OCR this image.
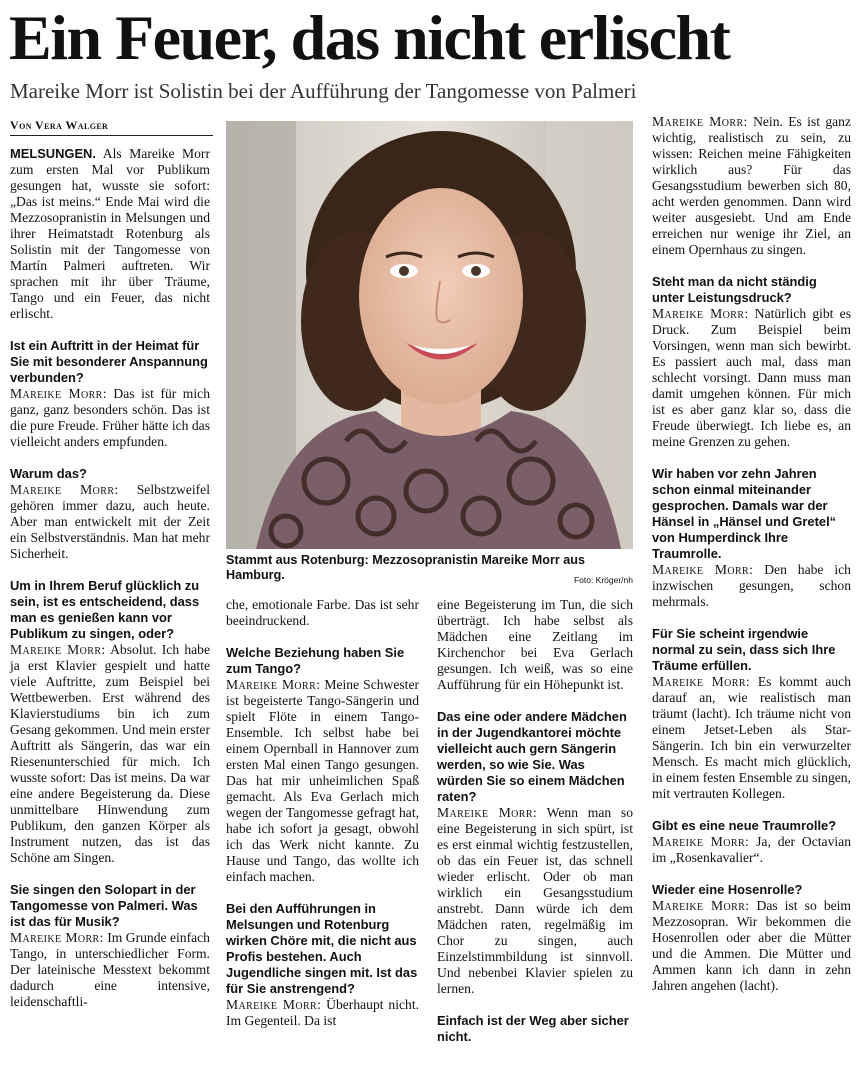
Ein Feuer, das nicht erlischt
Mareike Morr ist Solistin bei der Aufführung der Tangomesse von Palmeri
Von Vera Walger

MELSUNGEN. Als Mareike Morr zum ersten Mal vor Publikum gesungen hat, wusste sie sofort: „Das ist meins.“ Ende Mai wird die Mezzosopranistin in Melsungen und ihrer Heimatstadt Rotenburg als Solistin mit der Tangomesse von Martín Palmeri auftreten. Wir sprachen mit ihr über Träume, Tango und ein Feuer, das nicht erlischt.

Ist ein Auftritt in der Heimat für Sie mit besonderer Anspannung verbunden?

Mareike Morr: Das ist für mich ganz, ganz besonders schön. Das ist die pure Freude. Früher hätte ich das vielleicht anders empfunden.

Warum das?

Mareike Morr: Selbstzweifel gehören immer dazu, auch heute. Aber man entwickelt mit der Zeit ein Selbstverständnis. Man hat mehr Sicherheit.

Um in Ihrem Beruf glücklich zu sein, ist es entscheidend, dass man es genießen kann vor Publikum zu singen, oder?

Mareike Morr: Absolut. Ich habe ja erst Klavier gespielt und hatte viele Auftritte, zum Beispiel bei Wettbewerben. Erst während des Klavierstudiums bin ich zum Gesang gekommen. Und mein erster Auftritt als Sängerin, das war ein Riesenunterschied für mich. Ich wusste sofort: Das ist meins. Da war eine andere Begeisterung da. Diese unmittelbare Hinwendung zum Publikum, den ganzen Körper als Instrument nutzen, das ist das Schöne am Singen.

Sie singen den Solopart in der Tangomesse von Palmeri. Was ist das für Musik?

Mareike Morr: Im Grunde einfach Tango, in unterschiedlicher Form. Der lateinische Messtext bekommt dadurch eine intensive, leidenschaftli-

Stammt aus Rotenburg: Mezzosopranistin Mareike Morr aus Hamburg.	Foto: Kröger/nh

che, emotionale Farbe. Das ist sehr beeindruckend.

Welche Beziehung haben Sie zum Tango?

Mareike Morr: Meine Schwester ist begeisterte Tango-Sängerin und spielt Flöte in einem Tango-Ensemble. Ich selbst habe bei einem Opernball in Hannover zum ersten Mal einen Tango gesungen. Das hat mir unheimlichen Spaß gemacht. Als Eva Gerlach mich wegen der Tangomesse gefragt hat, habe ich sofort ja gesagt, obwohl ich das Werk nicht kannte. Zu Hause und Tango, das wollte ich einfach machen.

Bei den Aufführungen in Melsungen und Rotenburg wirken Chöre mit, die nicht aus Profis bestehen. Auch Jugendliche singen mit. Ist das für Sie anstrengend?

Mareike Morr: Überhaupt nicht. Im Gegenteil. Da ist

eine Begeisterung im Tun, die sich überträgt. Ich habe selbst als Mädchen eine Zeitlang im Kirchenchor bei Eva Gerlach gesungen. Ich weiß, was so eine Aufführung für ein Höhepunkt ist.

Das eine oder andere Mädchen in der Jugendkantorei möchte vielleicht auch gern Sängerin werden, so wie Sie. Was würden Sie so einem Mädchen raten?

Mareike Morr: Wenn man so eine Begeisterung in sich spürt, ist es erst einmal wichtig festzustellen, ob das ein Feuer ist, das schnell wieder erlischt. Oder ob man wirklich ein Gesangsstudium anstrebt. Dann würde ich dem Mädchen raten, regelmäßig im Chor zu singen, auch Einzelstimmbildung ist sinnvoll. Und nebenbei Klavier spielen zu lernen.

Einfach ist der Weg aber sicher nicht.

Mareike Morr: Nein. Es ist ganz wichtig, realistisch zu sein, zu wissen: Reichen meine Fähigkeiten wirklich aus? Für das Gesangsstudium bewerben sich 80, acht werden genommen. Dann wird weiter ausgesiebt. Und am Ende erreichen nur wenige ihr Ziel, an einem Opernhaus zu singen.

Steht man da nicht ständig unter Leistungsdruck?

Mareike Morr: Natürlich gibt es Druck. Zum Beispiel beim Vorsingen, wenn man sich bewirbt. Es passiert auch mal, dass man schlecht vorsingt. Dann muss man damit umgehen können. Für mich ist es aber ganz klar so, dass die Freude überwiegt. Ich liebe es, an meine Grenzen zu gehen.

Wir haben vor zehn Jahren schon einmal miteinander gesprochen. Damals war der Hänsel in „Hänsel und Gretel“ von Humperdinck Ihre Traumrolle.

Mareike Morr: Den habe ich inzwischen gesungen, schon mehrmals.

Für Sie scheint irgendwie normal zu sein, dass sich Ihre Träume erfüllen.

Mareike Morr: Es kommt auch darauf an, wie realistisch man träumt (lacht). Ich träume nicht von einem Jetset-Leben als Star-Sängerin. Ich bin ein verwurzelter Mensch. Es macht mich glücklich, in einem festen Ensemble zu singen, mit vertrauten Kollegen.

Gibt es eine neue Traumrolle?

Mareike Morr: Ja, der Octavian im „Rosenkavalier“.

Wieder eine Hosenrolle?

Mareike Morr: Das ist so beim Mezzosopran. Wir bekommen die Hosenrollen oder aber die Mütter und die Ammen. Die Mütter und Ammen kann ich dann in zehn Jahren angehen (lacht).
